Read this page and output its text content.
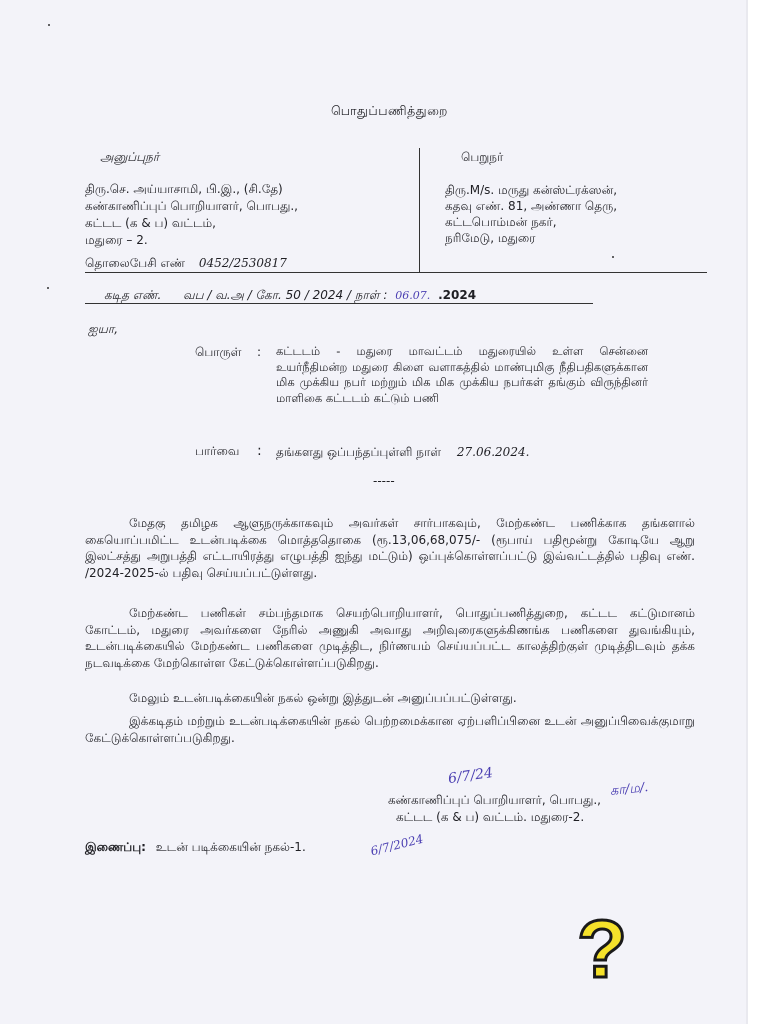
பொதுப்பணித்துறை
அனுப்புநர்
திரு.செ. அய்யாசாமி, பி.இ., (சி.தே)
கண்காணிப்புப் பொறியாளர், பொபது.,
கட்டட (க & ப) வட்டம்,
மதுரை – 2.
தொலைபேசி எண் 0452/2530817
பெறுநர்
திரு.M/s. மருது கன்ஸ்ட்ரக்ஸன்,
கதவு எண். 81, அண்ணா தெரு,
கட்டபொம்மன் நகர்,
நரிமேடு, மதுரை
கடித எண். வப / வ.அ / கோ. 50 / 2024 / நாள் : 06.07. .2024
ஐயா,
பொருள் : கட்டடம் - மதுரை மாவட்டம் மதுரையில் உள்ள சென்னை உயர்நீதிமன்ற மதுரை கிளை வளாகத்தில் மாண்புமிகு நீதிபதிகளுக்கான மிக முக்கிய நபர் மற்றும் மிக மிக முக்கிய நபர்கள் தங்கும் விருந்தினர் மாளிகை கட்டடம் கட்டும் பணி
பார்வை : தங்களது ஒப்பந்தப்புள்ளி நாள் 27.06.2024.
-----
மேதகு தமிழக ஆளுநருக்காகவும் அவர்கள் சார்பாகவும், மேற்கண்ட பணிக்காக தங்களால் கையொப்பமிட்ட உடன்படிக்கை மொத்ததொகை (ரூ.13,06,68,075/- (ரூபாய் பதிமூன்று கோடியே ஆறு இலட்சத்து அறுபத்தி எட்டாயிரத்து எழுபத்தி ஐந்து மட்டும்) ஒப்புக்கொள்ளப்பட்டு இவ்வட்டத்தில் பதிவு எண். /2024-2025-ல் பதிவு செய்யப்பட்டுள்ளது.
மேற்கண்ட பணிகள் சம்பந்தமாக செயற்பொறியாளர், பொதுப்பணித்துறை, கட்டட கட்டுமானம் கோட்டம், மதுரை அவர்களை நேரில் அணுகி அவாது அறிவுரைகளுக்கிணங்க பணிகளை துவங்கியும், உடன்படிக்கையில் மேற்கண்ட பணிகளை முடித்திட, நிர்ணயம் செய்யப்பட்ட காலத்திற்குள் முடித்திடவும் தக்க நடவடிக்கை மேற்கொள்ள கேட்டுக்கொள்ளப்படுகிறது.
மேலும் உடன்படிக்கையின் நகல் ஒன்று இத்துடன் அனுப்பப்பட்டுள்ளது.
இக்கடிதம் மற்றும் உடன்படிக்கையின் நகல் பெற்றமைக்கான ஏற்பளிப்பினை உடன் அனுப்பிவைக்குமாறு கேட்டுக்கொள்ளப்படுகிறது.
6/7/24
கா/ம/.
கண்காணிப்புப் பொறியாளர், பொபது.,
கட்டட (க & ப) வட்டம். மதுரை-2.
இணைப்பு: உடன் படிக்கையின் நகல்-1.	6/7/2024
?
